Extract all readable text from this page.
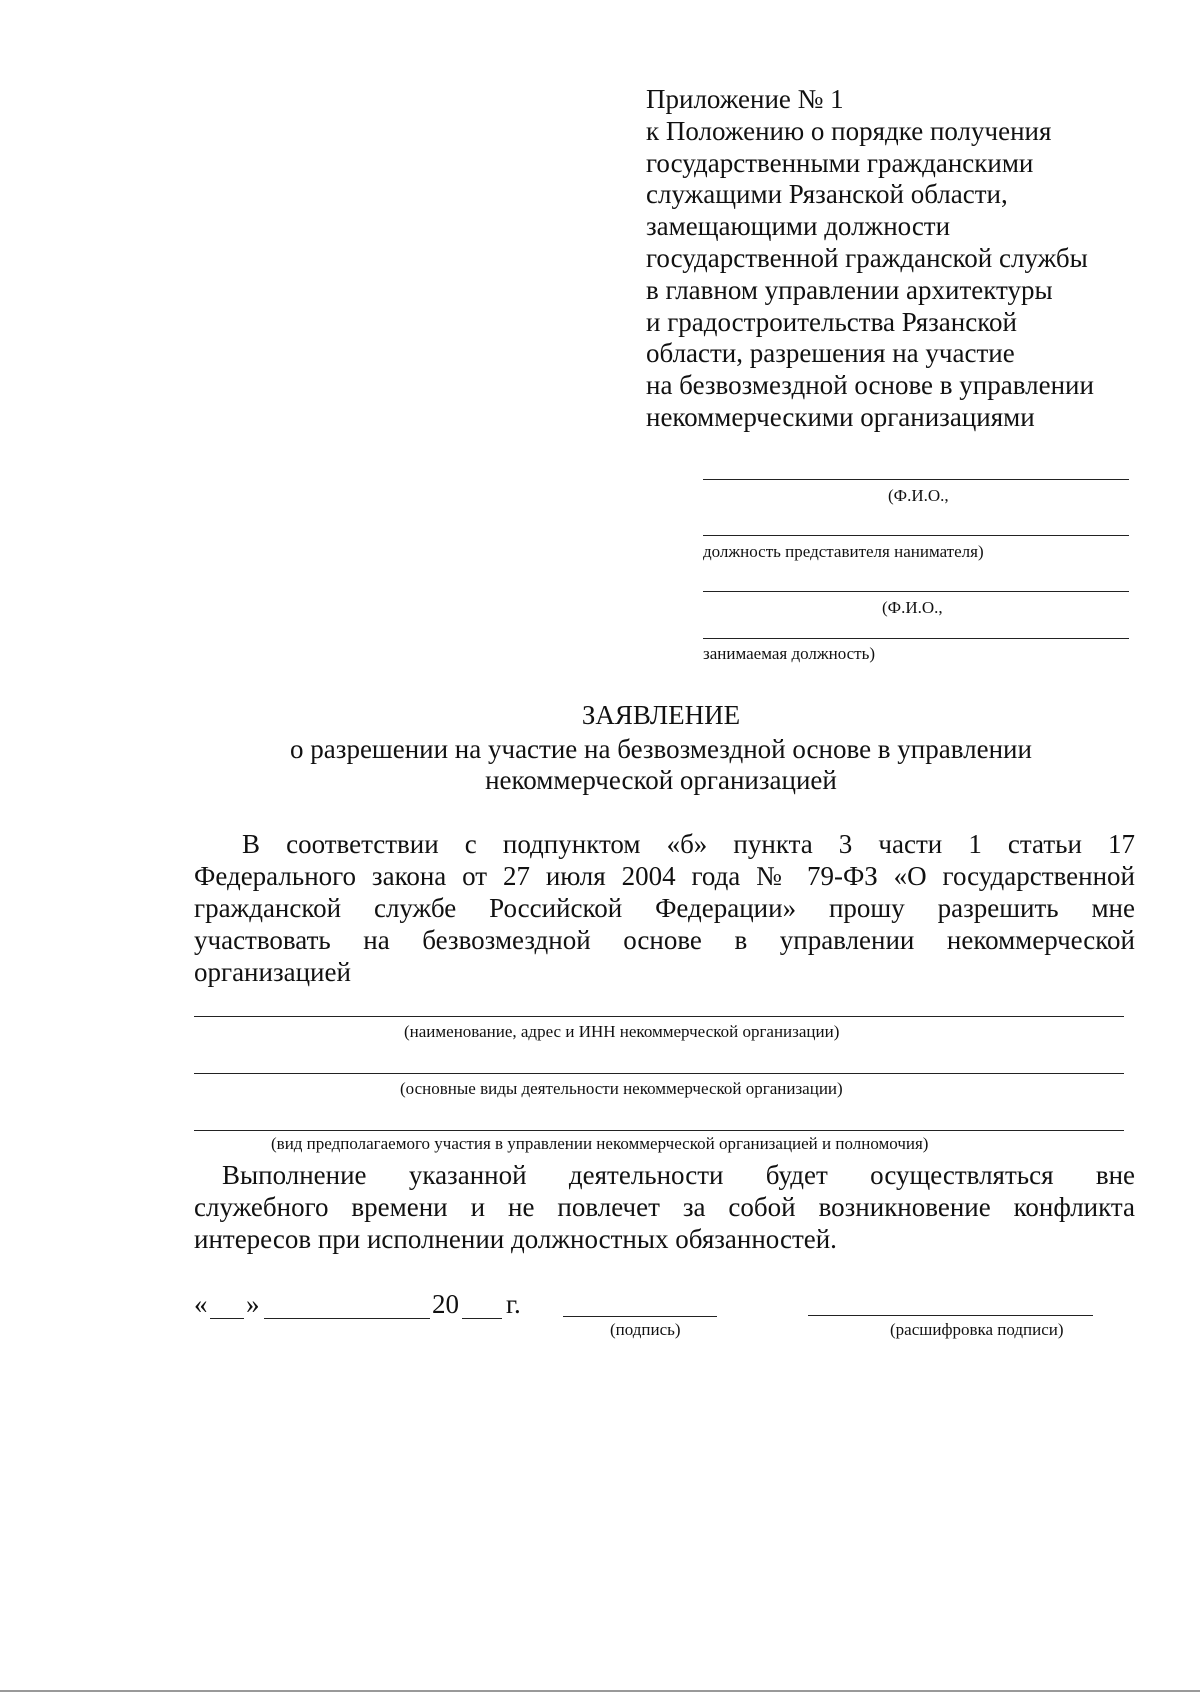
Приложение № 1
к Положению о порядке получения
государственными гражданскими
служащими Рязанской области,
замещающими должности
государственной гражданской службы
в главном управлении архитектуры
и градостроительства Рязанской
области, разрешения на участие
на безвозмездной основе в управлении
некоммерческими организациями
(Ф.И.О.,
должность представителя нанимателя)
(Ф.И.О.,
занимаемая должность)
ЗАЯВЛЕНИЕ
о разрешении на участие на безвозмездной основе в управлении
некоммерческой организацией
В соответствии с подпунктом «б» пункта 3 части 1 статьи 17
Федерального закона от 27 июля 2004 года № 79-ФЗ «О государственной
гражданской службе Российской Федерации» прошу разрешить мне
участвовать на безвозмездной основе в управлении некоммерческой
организацией
(наименование, адрес и ИНН некоммерческой организации)
(основные виды деятельности некоммерческой организации)
(вид предполагаемого участия в управлении некоммерческой организацией и полномочия)
Выполнение указанной деятельности будет осуществляться вне
служебного времени и не повлечет за собой возникновение конфликта
интересов при исполнении должностных обязанностей.
« »	20 г.
(подпись)	(расшифровка подписи)
